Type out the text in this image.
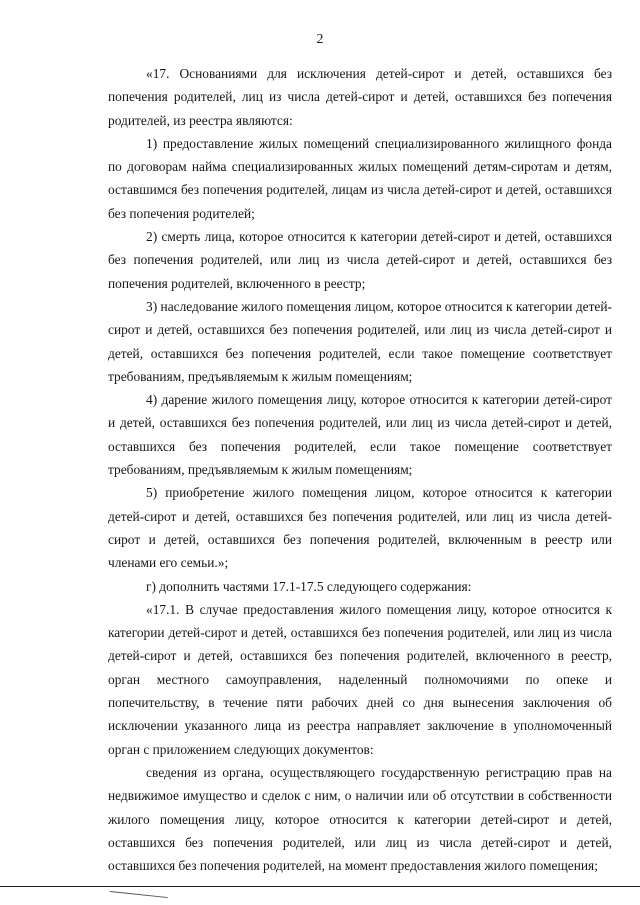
2

«17. Основаниями для исключения детей-сирот и детей, оставшихся без попечения родителей, лиц из числа детей-сирот и детей, оставшихся без попечения родителей, из реестра являются:

1) предоставление жилых помещений специализированного жилищного фонда по договорам найма специализированных жилых помещений детям-сиротам и детям, оставшимся без попечения родителей, лицам из числа детей-сирот и детей, оставшихся без попечения родителей;

2) смерть лица, которое относится к категории детей-сирот и детей, оставшихся без попечения родителей, или лиц из числа детей-сирот и детей, оставшихся без попечения родителей, включенного в реестр;

3) наследование жилого помещения лицом, которое относится к категории детей-сирот и детей, оставшихся без попечения родителей, или лиц из числа детей-сирот и детей, оставшихся без попечения родителей, если такое помещение соответствует требованиям, предъявляемым к жилым помещениям;

4) дарение жилого помещения лицу, которое относится к категории детей-сирот и детей, оставшихся без попечения родителей, или лиц из числа детей-сирот и детей, оставшихся без попечения родителей, если такое помещение соответствует требованиям, предъявляемым к жилым помещениям;

5) приобретение жилого помещения лицом, которое относится к категории детей-сирот и детей, оставшихся без попечения родителей, или лиц из числа детей-сирот и детей, оставшихся без попечения родителей, включенным в реестр или членами его семьи.»;

г) дополнить частями 17.1-17.5 следующего содержания:

«17.1. В случае предоставления жилого помещения лицу, которое относится к категории детей-сирот и детей, оставшихся без попечения родителей, или лиц из числа детей-сирот и детей, оставшихся без попечения родителей, включенного в реестр, орган местного самоуправления, наделенный полномочиями по опеке и попечительству, в течение пяти рабочих дней со дня вынесения заключения об исключении указанного лица из реестра направляет заключение в уполномоченный орган с приложением следующих документов:

сведения из органа, осуществляющего государственную регистрацию прав на недвижимое имущество и сделок с ним, о наличии или об отсутствии в собственности жилого помещения лицу, которое относится к категории детей-сирот и детей, оставшихся без попечения родителей, или лиц из числа детей-сирот и детей, оставшихся без попечения родителей, на момент предоставления жилого помещения;
